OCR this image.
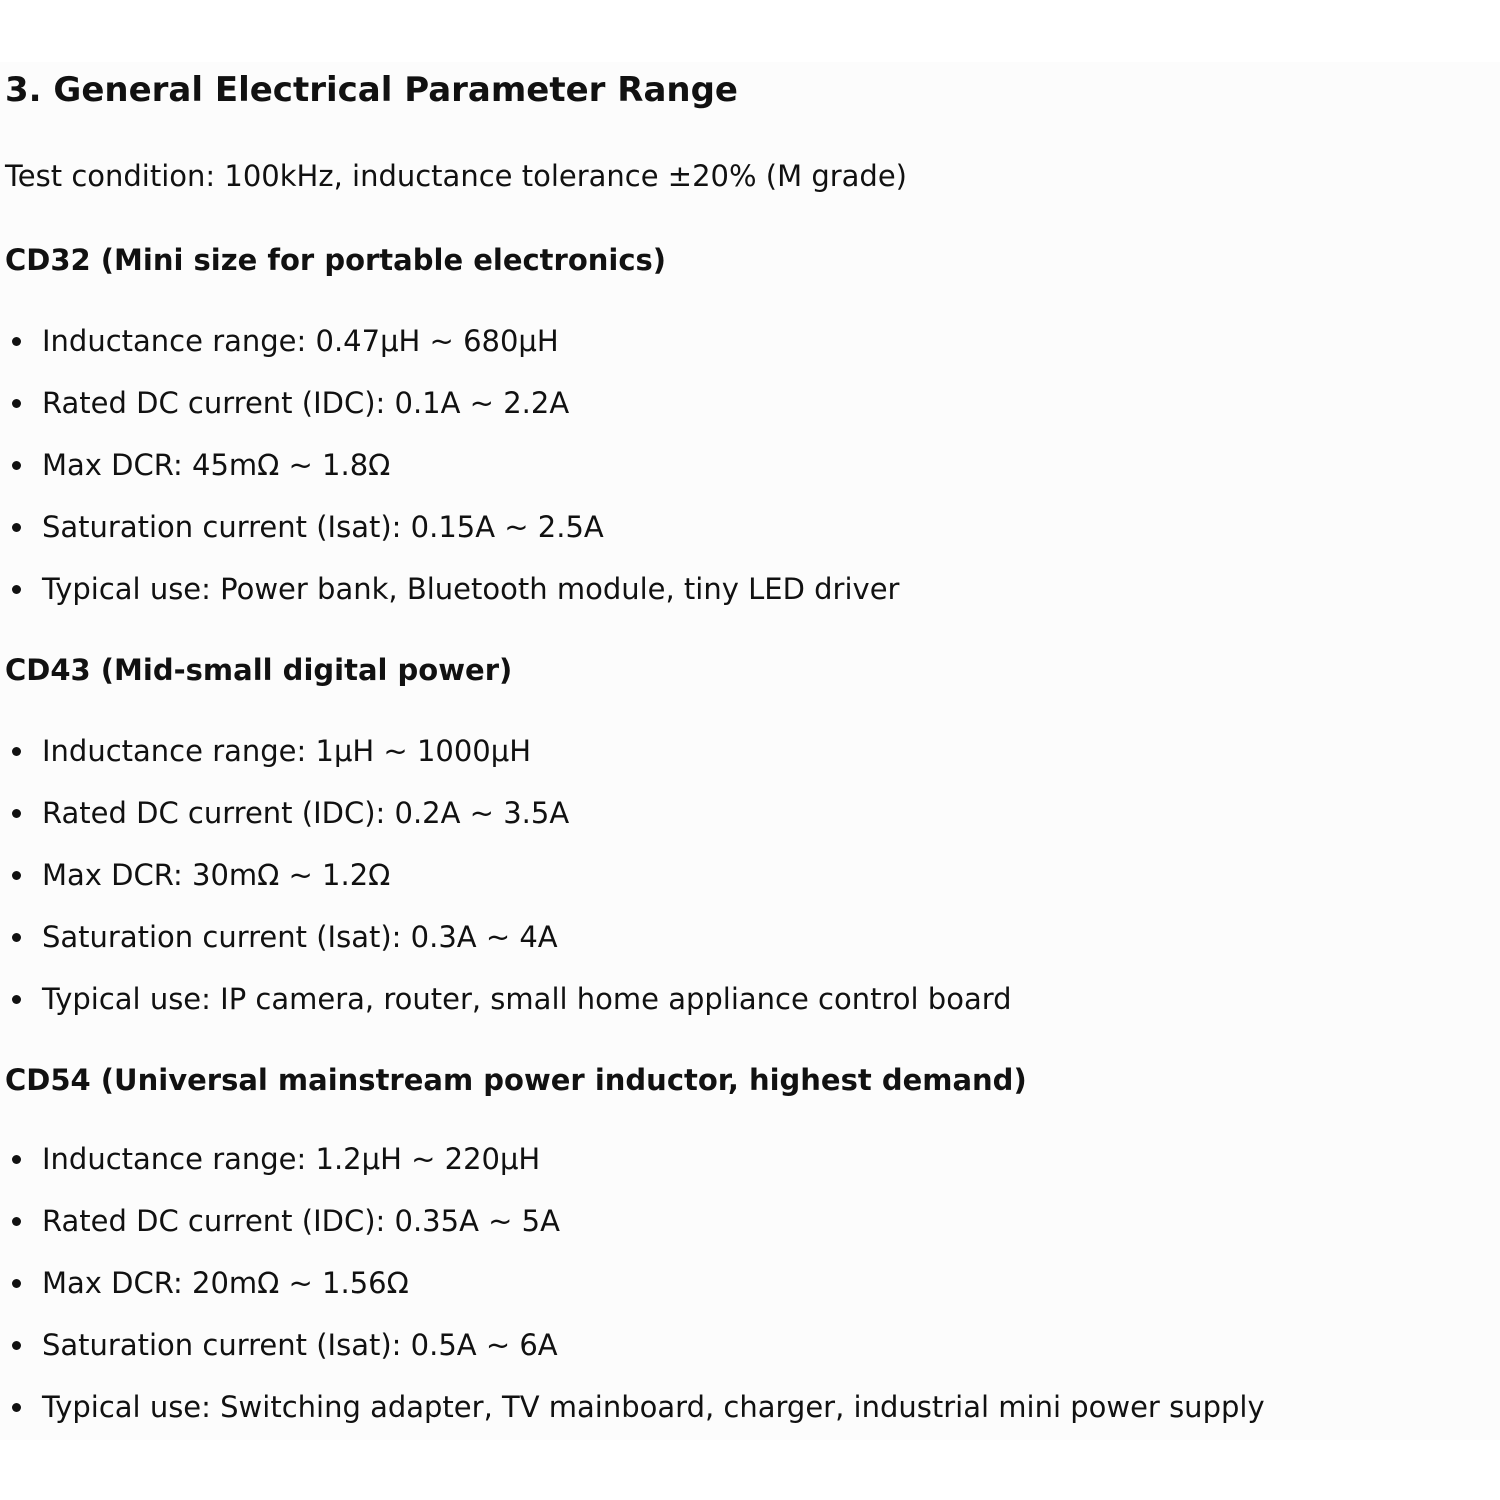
3. General Electrical Parameter Range

Test condition: 100kHz, inductance tolerance ±20% (M grade)

CD32 (Mini size for portable electronics)
Inductance range: 0.47μH ~ 680μH
Rated DC current (IDC): 0.1A ~ 2.2A
Max DCR: 45mΩ ~ 1.8Ω
Saturation current (Isat): 0.15A ~ 2.5A
Typical use: Power bank, Bluetooth module, tiny LED driver
CD43 (Mid-small digital power)
Inductance range: 1μH ~ 1000μH
Rated DC current (IDC): 0.2A ~ 3.5A
Max DCR: 30mΩ ~ 1.2Ω
Saturation current (Isat): 0.3A ~ 4A
Typical use: IP camera, router, small home appliance control board
CD54 (Universal mainstream power inductor, highest demand)
Inductance range: 1.2μH ~ 220μH
Rated DC current (IDC): 0.35A ~ 5A
Max DCR: 20mΩ ~ 1.56Ω
Saturation current (Isat): 0.5A ~ 6A
Typical use: Switching adapter, TV mainboard, charger, industrial mini power supply
